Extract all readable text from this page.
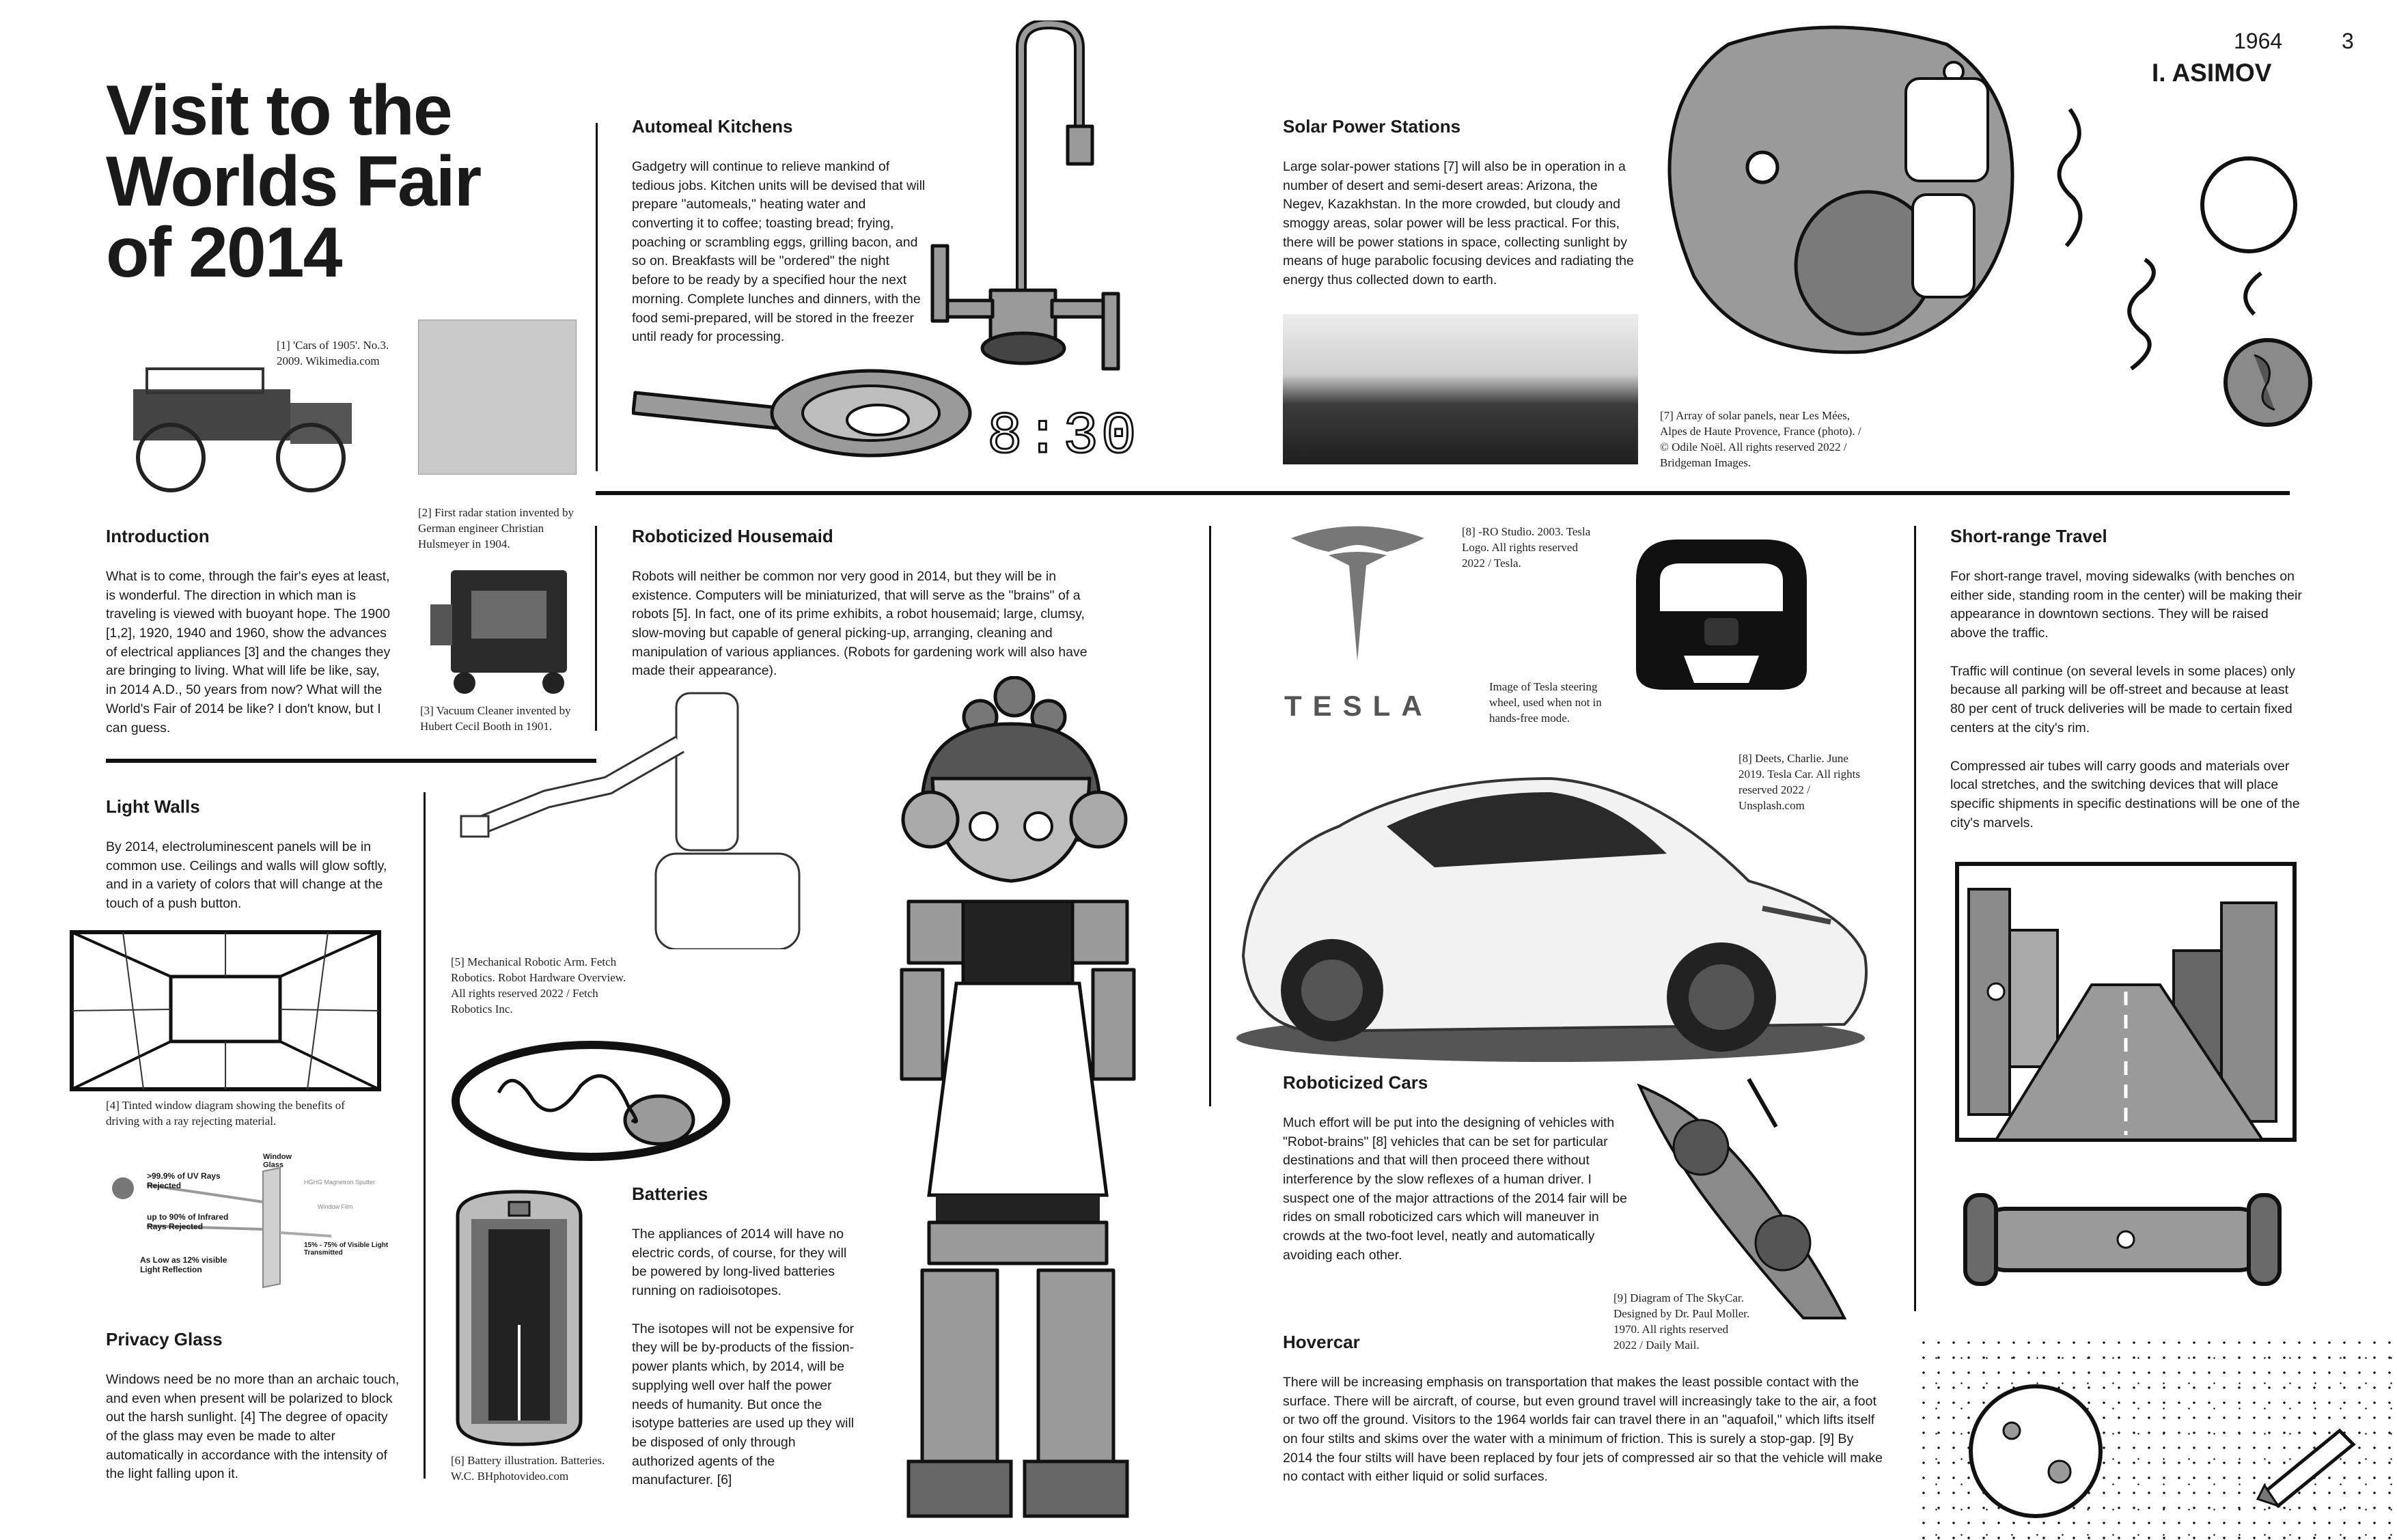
1964	3
I. ASIMOV
Visit to the Worlds Fair of 2014
Introduction
What is to come, through the fair's eyes at least, is wonderful. The direction in which man is traveling is viewed with buoyant hope. The 1900 [1,2], 1920, 1940 and 1960, show the advances of electrical appliances [3] and the changes they are bringing to living. What will life be like, say, in 2014 A.D., 50 years from now? What will the World's Fair of 2014 be like? I don't know, but I can guess.
[1] 'Cars of 1905'. No.3. 2009. Wikimedia.com
[2] First radar station invented by German engineer Christian Hulsmeyer in 1904.
[3] Vacuum Cleaner invented by Hubert Cecil Booth in 1901.
Light Walls
By 2014, electroluminescent panels will be in common use. Ceilings and walls will glow softly, and in a variety of colors that will change at the touch of a push button.
[4] Tinted window diagram showing the benefits of driving with a ray rejecting material.
Window Glass
>99.9% of UV Rays Rejected
up to 90% of Infrared Rays Rejected
As Low as 12% visible Light Reflection
15% - 75% of Visible Light Transmitted
HGHG Magnetron Sputter
Window Film
Privacy Glass
Windows need be no more than an archaic touch, and even when present will be polarized to block out the harsh sunlight. [4] The degree of opacity of the glass may even be made to alter automatically in accordance with the intensity of the light falling upon it.
Automeal Kitchens
Gadgetry will continue to relieve mankind of tedious jobs. Kitchen units will be devised that will prepare "automeals," heating water and converting it to coffee; toasting bread; frying, poaching or scrambling eggs, grilling bacon, and so on. Breakfasts will be "ordered" the night before to be ready by a specified hour the next morning. Complete lunches and dinners, with the food semi-prepared, will be stored in the freezer until ready for processing.
8:30
Solar Power Stations
Large solar-power stations [7] will also be in operation in a number of desert and semi-desert areas: Arizona, the Negev, Kazakhstan. In the more crowded, but cloudy and smoggy areas, solar power will be less practical. For this, there will be power stations in space, collecting sunlight by means of huge parabolic focusing devices and radiating the energy thus collected down to earth.
[7] Array of solar panels, near Les Mées, Alpes de Haute Provence, France (photo). / © Odile Noël. All rights reserved 2022 / Bridgeman Images.
Roboticized Housemaid
Robots will neither be common nor very good in 2014, but they will be in existence. Computers will be miniaturized, that will serve as the "brains" of a robots [5]. In fact, one of its prime exhibits, a robot housemaid; large, clumsy, slow-moving but capable of general picking-up, arranging, cleaning and manipulation of various appliances. (Robots for gardening work will also have made their appearance).
[5] Mechanical Robotic Arm. Fetch Robotics. Robot Hardware Overview. All rights reserved 2022 / Fetch Robotics Inc.
[6] Battery illustration. Batteries. W.C. BHphotovideo.com
Batteries

The appliances of 2014 will have no electric cords, of course, for they will be powered by long-lived batteries running on radioisotopes.

The isotopes will not be expensive for they will be by-products of the fission-power plants which, by 2014, will be supplying well over half the power needs of humanity. But once the isotype batteries are used up they will be disposed of only through authorized agents of the manufacturer. [6]

TESLA
[8] -RO Studio. 2003. Tesla Logo. All rights reserved 2022 / Tesla.
Image of Tesla steering wheel, used when not in hands-free mode.
[8] Deets, Charlie. June 2019. Tesla Car. All rights reserved 2022 / Unsplash.com
Roboticized Cars
Much effort will be put into the designing of vehicles with "Robot-brains" [8] vehicles that can be set for particular destinations and that will then proceed there without interference by the slow reflexes of a human driver. I suspect one of the major attractions of the 2014 fair will be rides on small roboticized cars which will maneuver in crowds at the two-foot level, neatly and automatically avoiding each other.
[9] Diagram of The SkyCar. Designed by Dr. Paul Moller. 1970. All rights reserved 2022 / Daily Mail.
Hovercar
There will be increasing emphasis on transportation that makes the least possible contact with the surface. There will be aircraft, of course, but even ground travel will increasingly take to the air, a foot or two off the ground. Visitors to the 1964 worlds fair can travel there in an "aquafoil," which lifts itself on four stilts and skims over the water with a minimum of friction. This is surely a stop-gap. [9] By 2014 the four stilts will have been replaced by four jets of compressed air so that the vehicle will make no contact with either liquid or solid surfaces.
Short-range Travel

For short-range travel, moving sidewalks (with benches on either side, standing room in the center) will be making their appearance in downtown sections. They will be raised above the traffic.

Traffic will continue (on several levels in some places) only because all parking will be off-street and because at least 80 per cent of truck deliveries will be made to certain fixed centers at the city's rim.

Compressed air tubes will carry goods and materials over local stretches, and the switching devices that will place specific shipments in specific destinations will be one of the city's marvels.
